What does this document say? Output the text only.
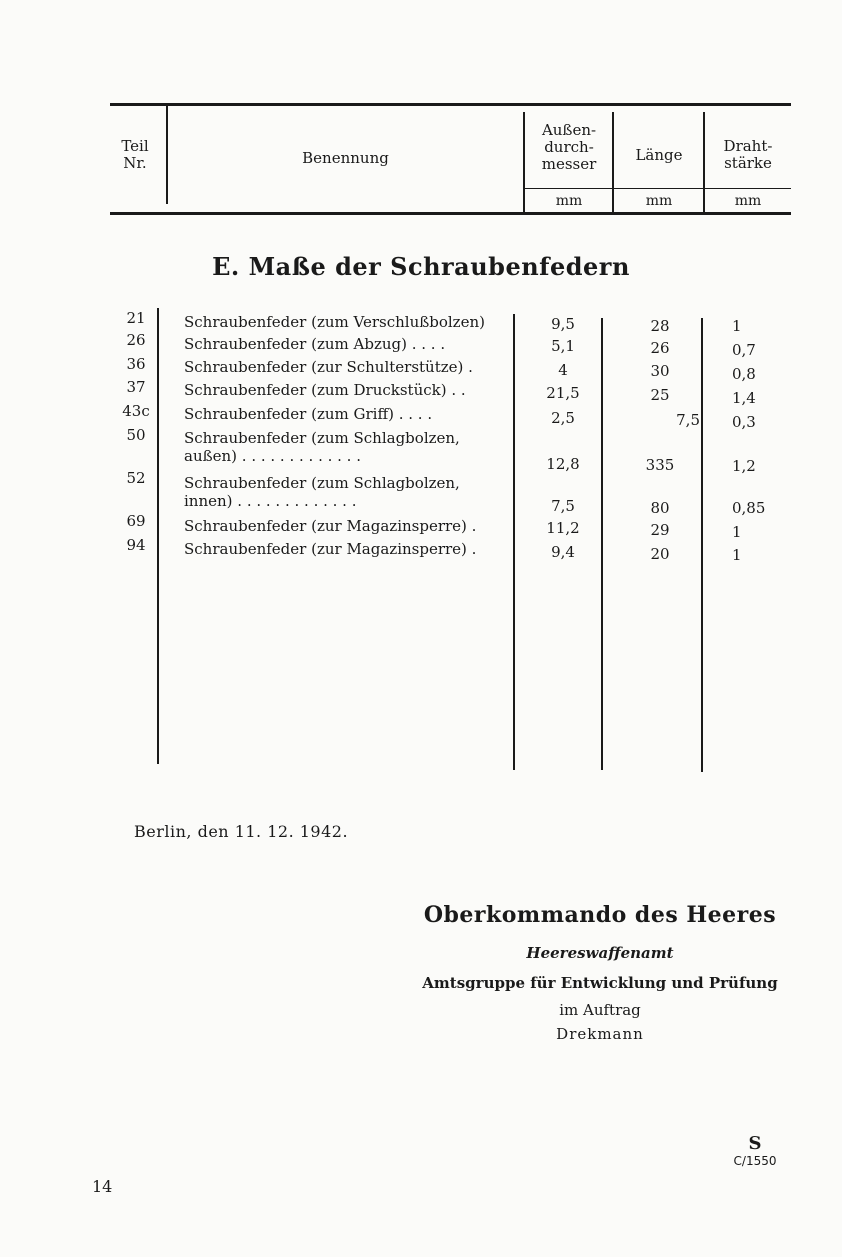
Teil
Nr.	Benennung
Außen-
durch-
messer	Länge	Draht-
stärke
mm	mm	mm
E. Maße der Schraubenfedern
21	Schraubenfeder (zum Verschlußbolzen)	9,5	28	1
26	Schraubenfeder (zum Abzug) . . . .	5,1	26	0,7
36	Schraubenfeder (zur Schulterstütze) .	4	30	0,8
37	Schraubenfeder (zum Druckstück) . .	21,5	25	1,4
43c	Schraubenfeder (zum Griff) . . . .	2,5	7,5	0,3
50	Schraubenfeder (zum Schlagbolzen,
außen) . . . . . . . . . . . . .	12,8	335	1,2
52	Schraubenfeder (zum Schlagbolzen,
innen) . . . . . . . . . . . . .	7,5	80	0,85
69	Schraubenfeder (zur Magazinsperre) .	11,2	29	1
94	Schraubenfeder (zur Magazinsperre) .	9,4	20	1
Berlin, den 11. 12. 1942.
Oberkommando des Heeres
Heereswaffenamt
Amtsgruppe für Entwicklung und Prüfung
im Auftrag
Drekmann
S
C/1550
14
